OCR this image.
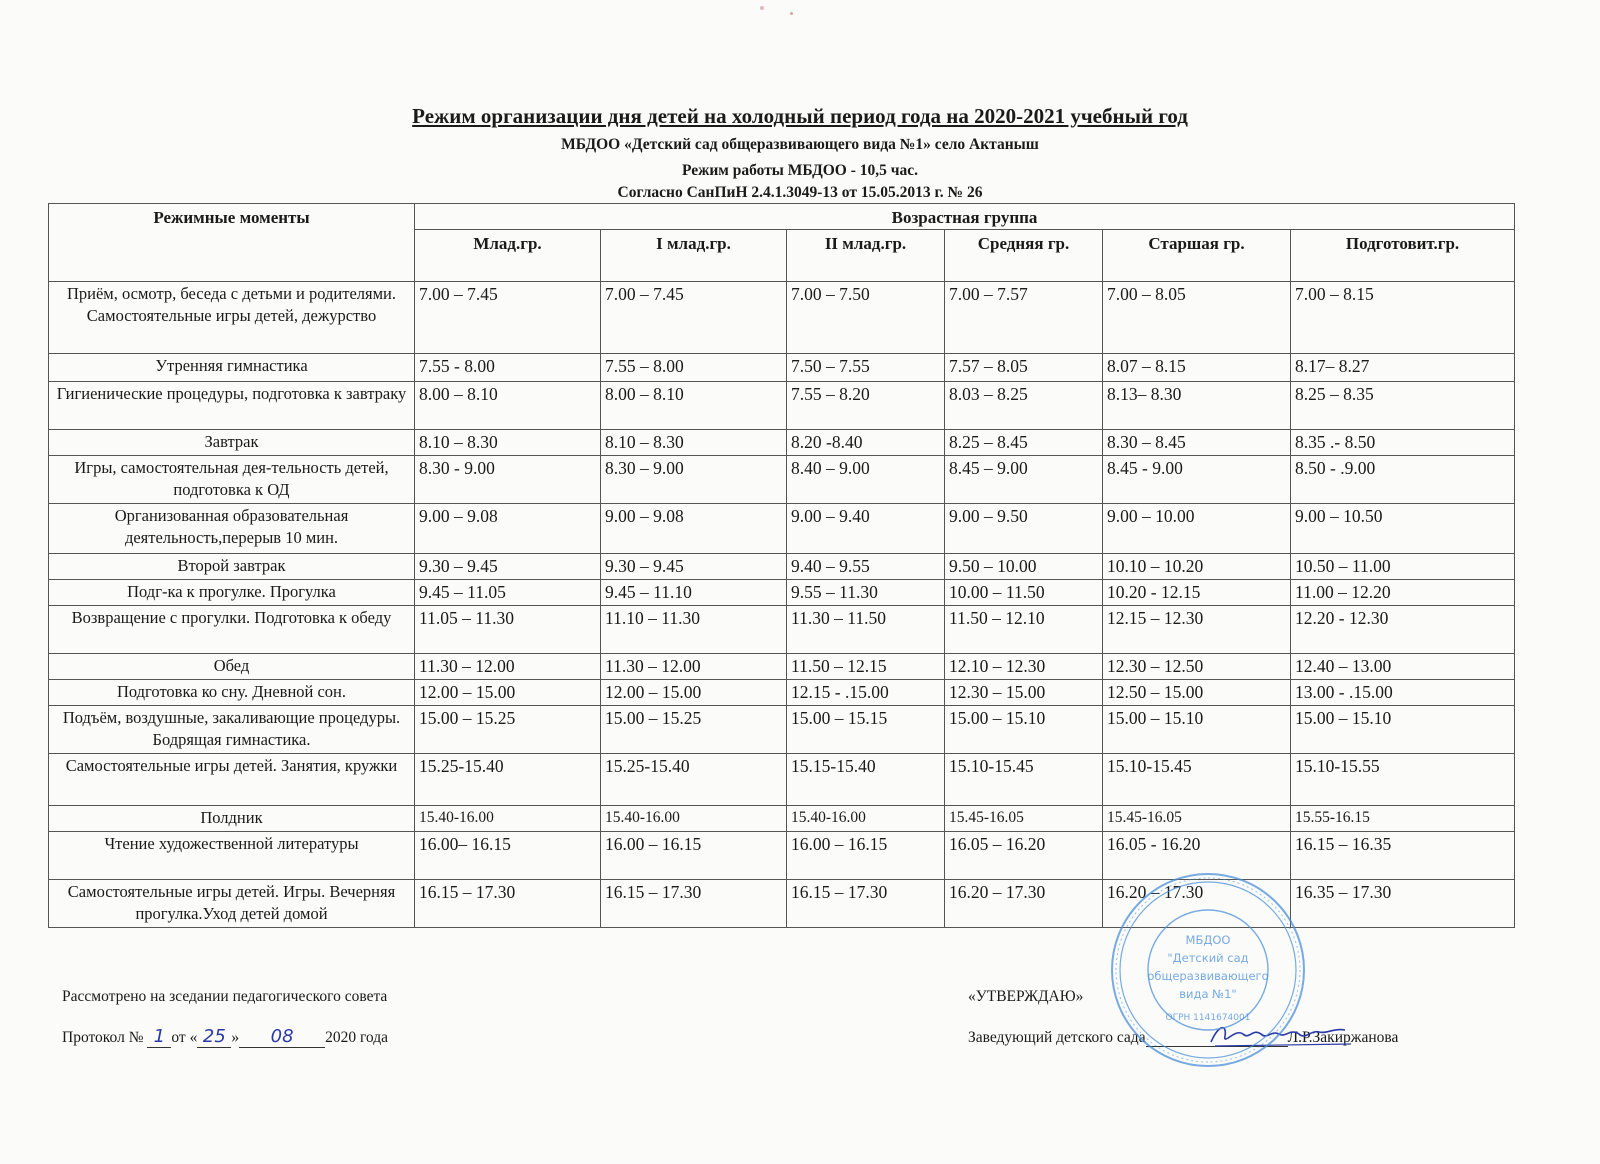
Режим организации дня детей на холодный период года на 2020-2021 учебный год
МБДОО «Детский сад общеразвивающего вида №1» село Актаныш
Режим работы МБДОО - 10,5 час.
Согласно СанПиН 2.4.1.3049-13 от 15.05.2013 г. № 26
Режимные моменты	Возрастная группа					
	Млад.гр.	I млад.гр.	II млад.гр.	Средняя гр.	Старшая гр.	Подготовит.гр.
Приём, осмотр, беседа с детьми и родителями. Самостоятельные игры детей, дежурство	7.00 – 7.45	7.00 – 7.45	7.00 – 7.50	7.00 – 7.57	7.00 – 8.05	7.00 – 8.15
Утренняя гимнастика	7.55 - 8.00	7.55 – 8.00	7.50 – 7.55	7.57 – 8.05	8.07 – 8.15	8.17– 8.27
Гигиенические процедуры, подготовка к завтраку	8.00 – 8.10	8.00 – 8.10	7.55 – 8.20	8.03 – 8.25	8.13– 8.30	8.25 – 8.35
Завтрак	8.10 – 8.30	8.10 – 8.30	8.20 -8.40	8.25 – 8.45	8.30 – 8.45	8.35 .- 8.50
Игры, самостоятельная дея-тельность детей, подготовка к ОД	8.30 - 9.00	8.30 – 9.00	8.40 – 9.00	8.45 – 9.00	8.45 - 9.00	8.50 - .9.00
Организованная образовательная деятельность,перерыв 10 мин.	9.00 – 9.08	9.00 – 9.08	9.00 – 9.40	9.00 – 9.50	9.00 – 10.00	9.00 – 10.50
Второй завтрак	9.30 – 9.45	9.30 – 9.45	9.40 – 9.55	9.50 – 10.00	10.10 – 10.20	10.50 – 11.00
Подг-ка к прогулке. Прогулка	9.45 – 11.05	9.45 – 11.10	9.55 – 11.30	10.00 – 11.50	10.20 - 12.15	11.00 – 12.20
Возвращение с прогулки. Подготовка к обеду	11.05 – 11.30	11.10 – 11.30	11.30 – 11.50	11.50 – 12.10	12.15 – 12.30	12.20 - 12.30
Обед	11.30 – 12.00	11.30 – 12.00	11.50 – 12.15	12.10 – 12.30	12.30 – 12.50	12.40 – 13.00
Подготовка ко сну. Дневной сон.	12.00 – 15.00	12.00 – 15.00	12.15 - .15.00	12.30 – 15.00	12.50 – 15.00	13.00 - .15.00
Подъём, воздушные, закаливающие процедуры. Бодрящая гимнастика.	15.00 – 15.25	15.00 – 15.25	15.00 – 15.15	15.00 – 15.10	15.00 – 15.10	15.00 – 15.10
Самостоятельные игры детей. Занятия, кружки	15.25-15.40	15.25-15.40	15.15-15.40	15.10-15.45	15.10-15.45	15.10-15.55
Полдник	15.40-16.00	15.40-16.00	15.40-16.00	15.45-16.05	15.45-16.05	15.55-16.15
Чтение художественной литературы	16.00– 16.15	16.00 – 16.15	16.00 – 16.15	16.05 – 16.20	16.05 - 16.20	16.15 – 16.35
Самостоятельные игры детей. Игры. Вечерняя прогулка.Уход детей домой	16.15 – 17.30	16.15 – 17.30	16.15 – 17.30	16.20 – 17.30	16.20 – 17.30	16.35 – 17.30
Рассмотрено на зседании педагогического совета	«УТВЕРЖДАЮ»
Протокол № 1 от « 25 » 08 2020 года	Заведующий детского сада	Л.Р.Закиржанова
МБДОО
"Детский сад
общеразвивающего
вида №1"
ОГРН 1141674001
